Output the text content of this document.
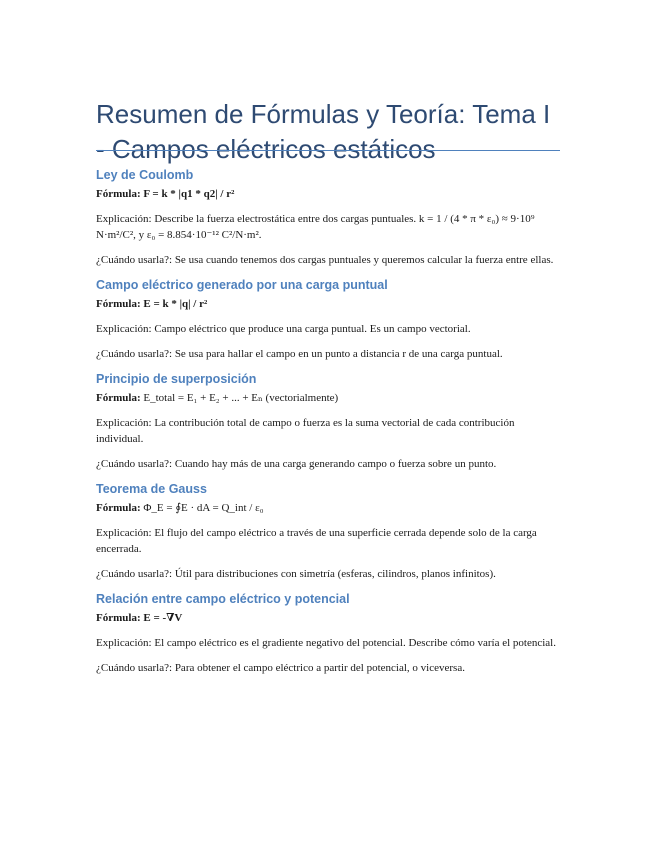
Resumen de Fórmulas y Teoría: Tema I - Campos eléctricos estáticos
Ley de Coulomb

Fórmula: F = k * |q1 * q2| / r²

Explicación: Describe la fuerza electrostática entre dos cargas puntuales. k = 1 / (4 * π * ε₀) ≈ 9·10⁹ N·m²/C², y ε₀ = 8.854·10⁻¹² C²/N·m².

¿Cuándo usarla?: Se usa cuando tenemos dos cargas puntuales y queremos calcular la fuerza entre ellas.

Campo eléctrico generado por una carga puntual

Fórmula: E = k * |q| / r²

Explicación: Campo eléctrico que produce una carga puntual. Es un campo vectorial.

¿Cuándo usarla?: Se usa para hallar el campo en un punto a distancia r de una carga puntual.

Principio de superposición

Fórmula: E_total = E₁ + E₂ + ... + Eₙ (vectorialmente)

Explicación: La contribución total de campo o fuerza es la suma vectorial de cada contribución individual.

¿Cuándo usarla?: Cuando hay más de una carga generando campo o fuerza sobre un punto.

Teorema de Gauss

Fórmula: Φ_E = ∮E · dA = Q_int / ε₀

Explicación: El flujo del campo eléctrico a través de una superficie cerrada depende solo de la carga encerrada.

¿Cuándo usarla?: Útil para distribuciones con simetría (esferas, cilindros, planos infinitos).

Relación entre campo eléctrico y potencial

Fórmula: E = -∇V

Explicación: El campo eléctrico es el gradiente negativo del potencial. Describe cómo varía el potencial.

¿Cuándo usarla?: Para obtener el campo eléctrico a partir del potencial, o viceversa.
